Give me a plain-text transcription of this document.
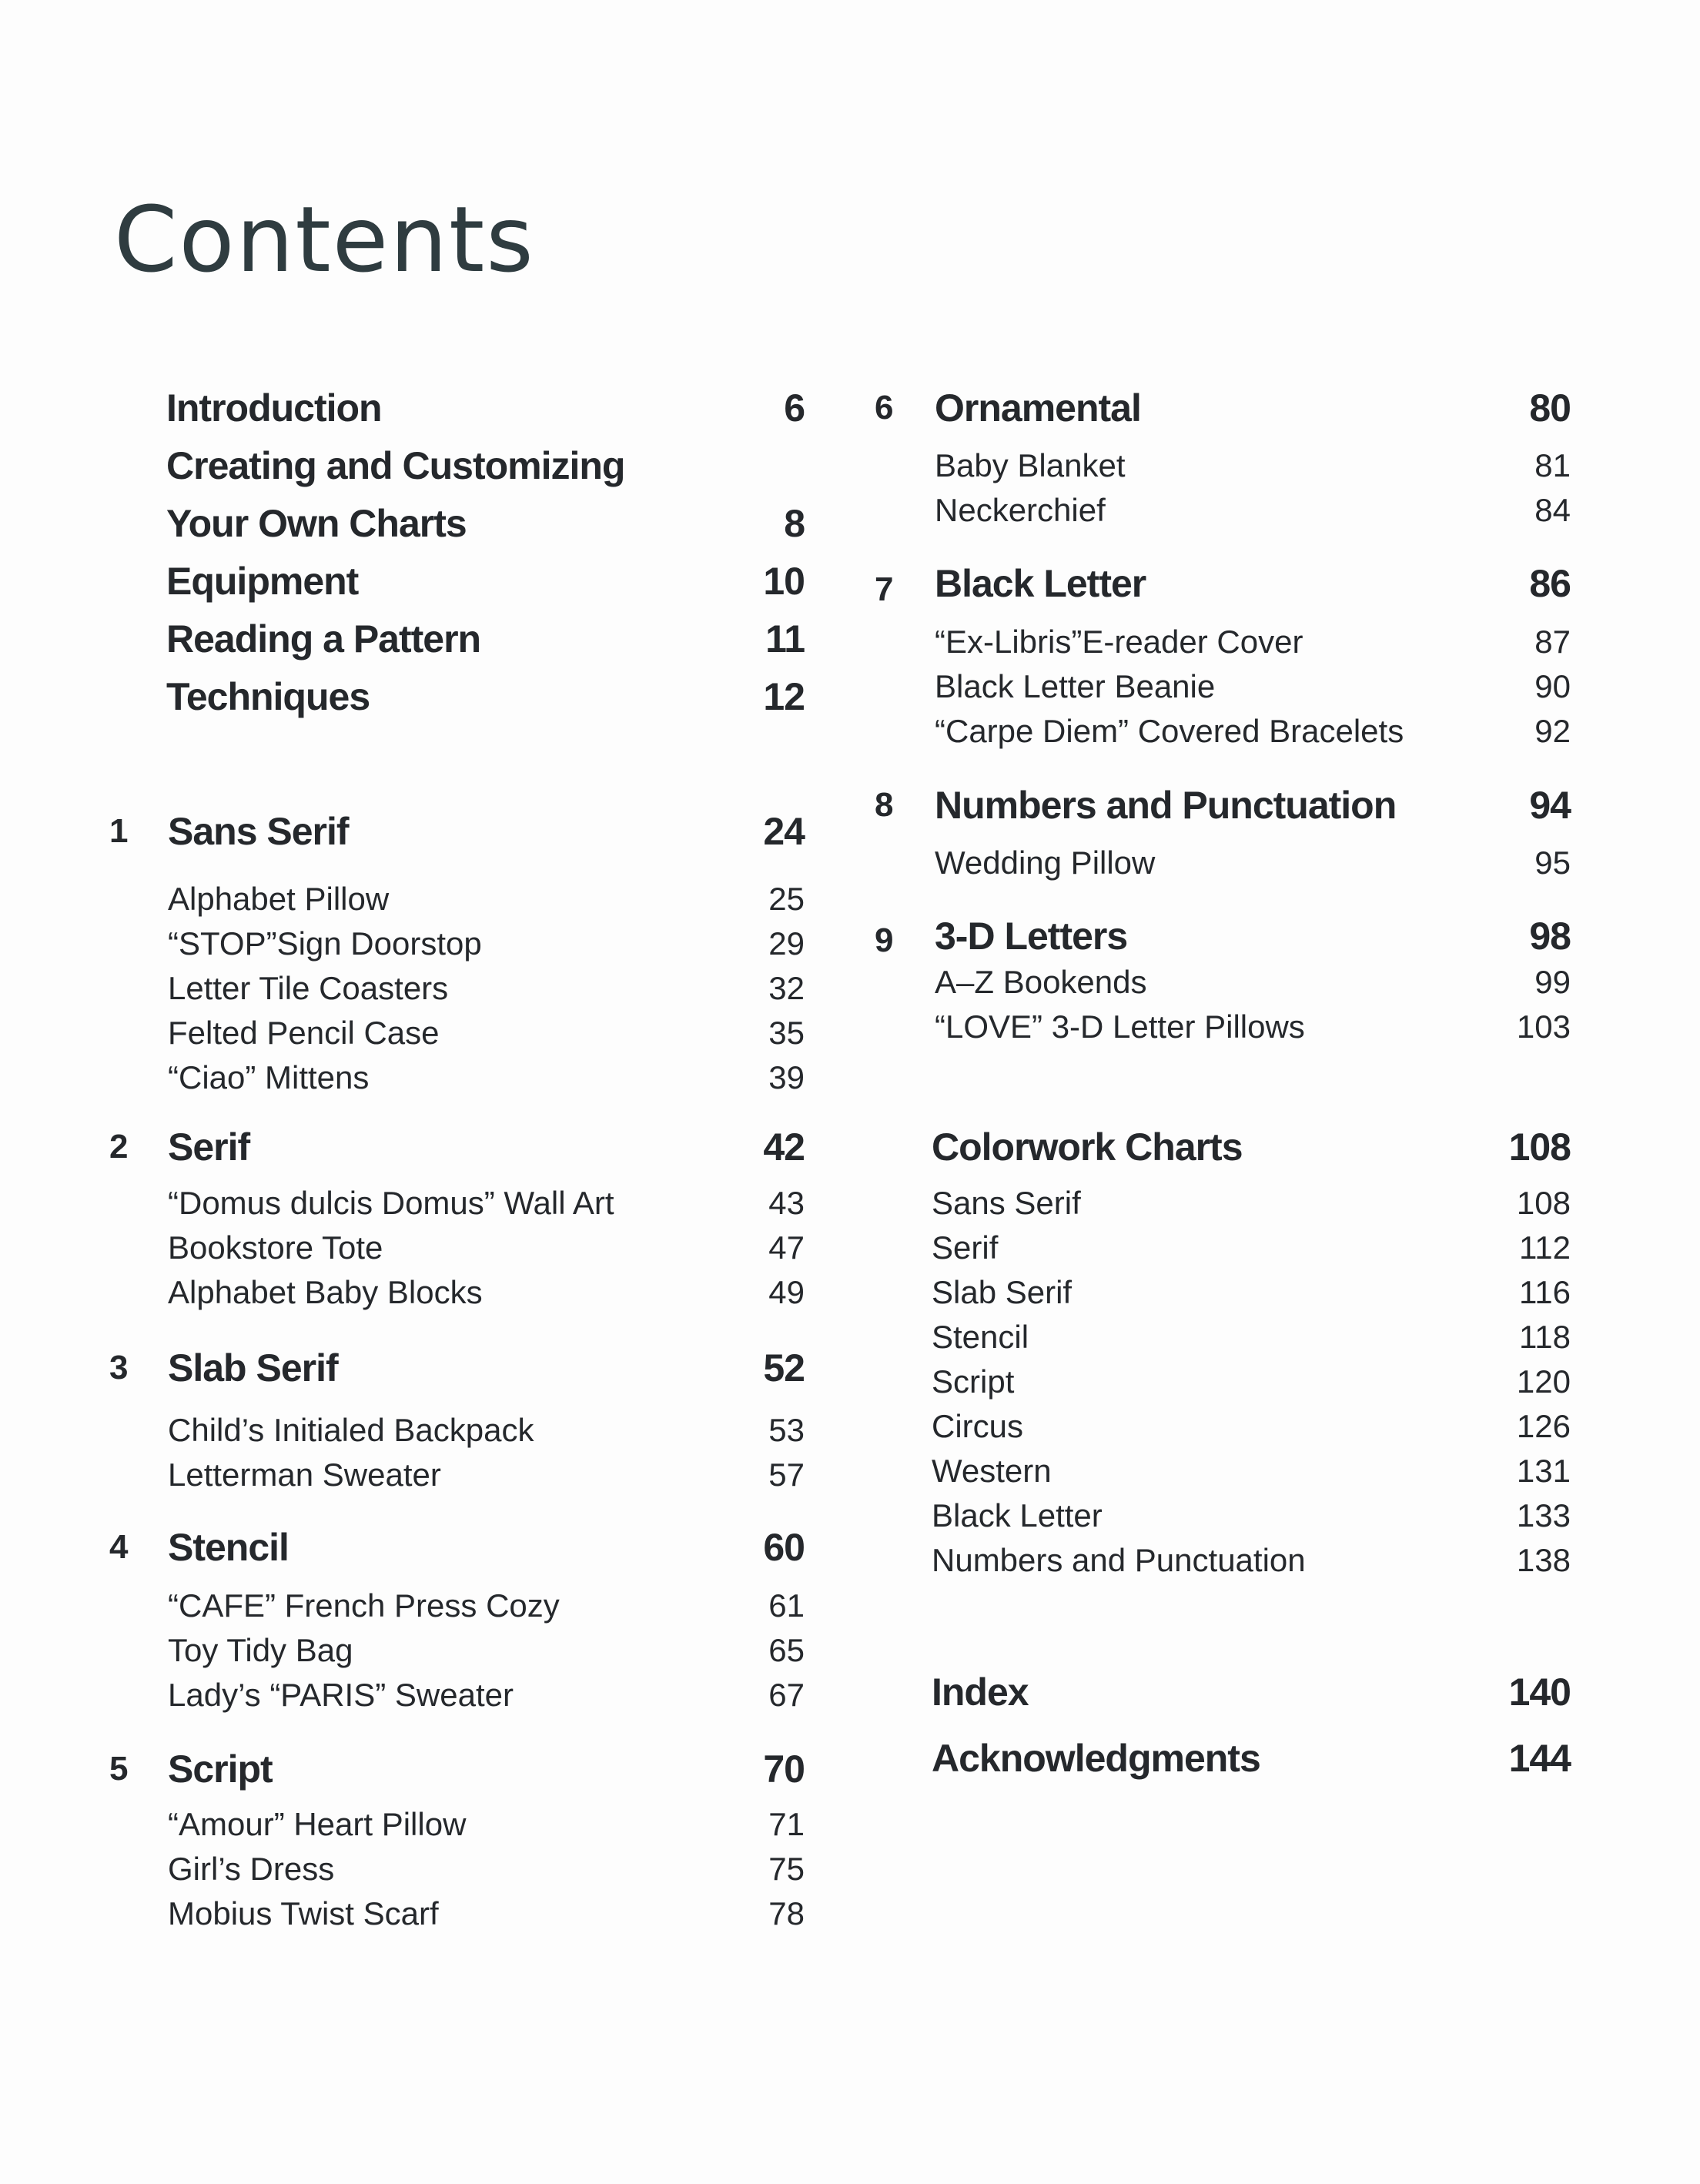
Contents
Introduction	6
Creating and Customizing
Your Own Charts	8
Equipment	10
Reading a Pattern	11
Techniques	12
1 Sans Serif	24
Alphabet Pillow	25
“STOP”Sign Doorstop	29
Letter Tile Coasters	32
Felted Pencil Case	35
“Ciao” Mittens	39
2 Serif	42
“Domus dulcis Domus” Wall Art	43
Bookstore Tote	47
Alphabet Baby Blocks	49
3 Slab Serif	52
Child’s Initialed Backpack	53
Letterman Sweater	57
4 Stencil	60
“CAFE” French Press Cozy	61
Toy Tidy Bag	65
Lady’s “PARIS” Sweater	67
5 Script	70
“Amour” Heart Pillow	71
Girl’s Dress	75
Mobius Twist Scarf	78
6 Ornamental	80
Baby Blanket	81
Neckerchief	84
7 Black Letter	86
“Ex-Libris”E-reader Cover	87
Black Letter Beanie	90
“Carpe Diem” Covered Bracelets	92
8 Numbers and Punctuation	94
Wedding Pillow	95
9 3-D Letters	98
A–Z Bookends	99
“LOVE” 3-D Letter Pillows	103
Colorwork Charts	108
Sans Serif	108
Serif	112
Slab Serif	116
Stencil	118
Script	120
Circus	126
Western	131
Black Letter	133
Numbers and Punctuation	138
Index	140
Acknowledgments	144
